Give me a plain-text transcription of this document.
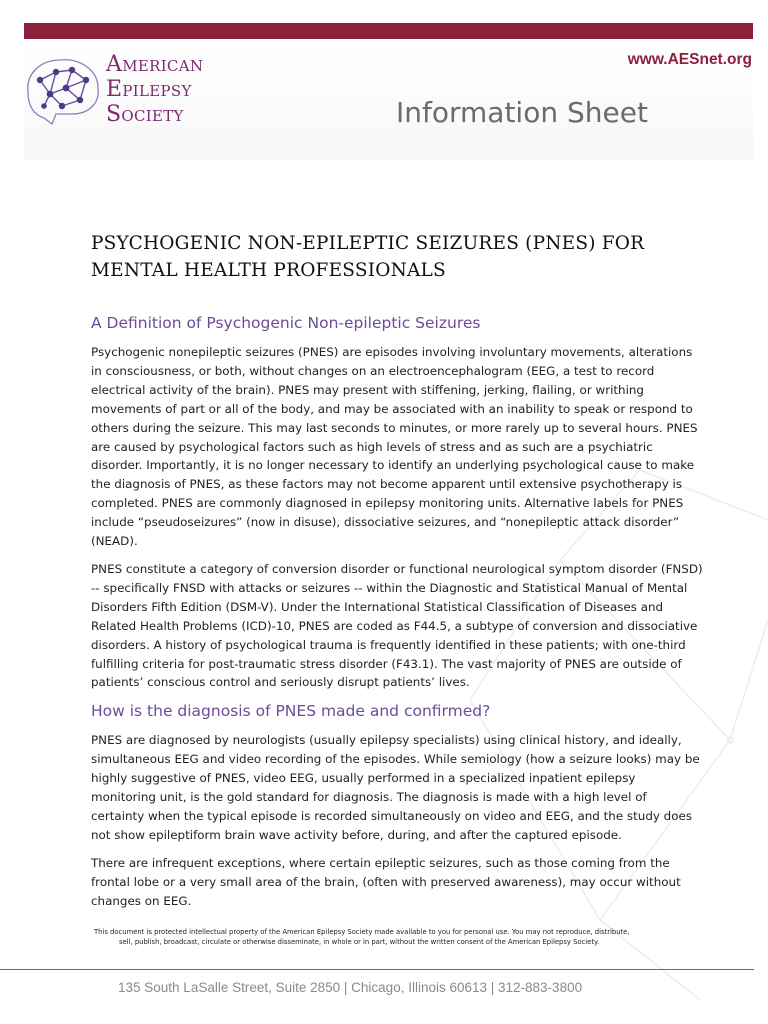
American
Epilepsy
Society
www.AESnet.org
Information Sheet
PSYCHOGENIC NON-EPILEPTIC SEIZURES (PNES) FOR
MENTAL HEALTH PROFESSIONALS
A Definition of Psychogenic Non-epileptic Seizures

Psychogenic nonepileptic seizures (PNES) are episodes involving involuntary movements, alterations in consciousness, or both, without changes on an electroencephalogram (EEG, a test to record electrical activity of the brain). PNES may present with stiffening, jerking, flailing, or writhing movements of part or all of the body, and may be associated with an inability to speak or respond to others during the seizure. This may last seconds to minutes, or more rarely up to several hours. PNES are caused by psychological factors such as high levels of stress and as such are a psychiatric disorder. Importantly, it is no longer necessary to identify an underlying psychological cause to make the diagnosis of PNES, as these factors may not become apparent until extensive psychotherapy is completed. PNES are commonly diagnosed in epilepsy monitoring units. Alternative labels for PNES include “pseudoseizures” (now in disuse), dissociative seizures, and “nonepileptic attack disorder” (NEAD).

PNES constitute a category of conversion disorder or functional neurological symptom disorder (FNSD) -- specifically FNSD with attacks or seizures -- within the Diagnostic and Statistical Manual of Mental Disorders Fifth Edition (DSM-V). Under the International Statistical Classification of Diseases and Related Health Problems (ICD)-10, PNES are coded as F44.5, a subtype of conversion and dissociative disorders. A history of psychological trauma is frequently identified in these patients; with one-third fulfilling criteria for post-traumatic stress disorder (F43.1). The vast majority of PNES are outside of patients’ conscious control and seriously disrupt patients’ lives.

How is the diagnosis of PNES made and confirmed?

PNES are diagnosed by neurologists (usually epilepsy specialists) using clinical history, and ideally, simultaneous EEG and video recording of the episodes. While semiology (how a seizure looks) may be highly suggestive of PNES, video EEG, usually performed in a specialized inpatient epilepsy monitoring unit, is the gold standard for diagnosis. The diagnosis is made with a high level of certainty when the typical episode is recorded simultaneously on video and EEG, and the study does not show epileptiform brain wave activity before, during, and after the captured episode.

There are infrequent exceptions, where certain epileptic seizures, such as those coming from the frontal lobe or a very small area of the brain, (often with preserved awareness), may occur without changes on EEG.

This document is protected intellectual property of the American Epilepsy Society made available to you for personal use. You may not reproduce, distribute,
sell, publish, broadcast, circulate or otherwise disseminate, in whole or in part, without the written consent of the American Epilepsy Society.
135 South LaSalle Street, Suite 2850 | Chicago, Illinois 60613 | 312-883-3800
